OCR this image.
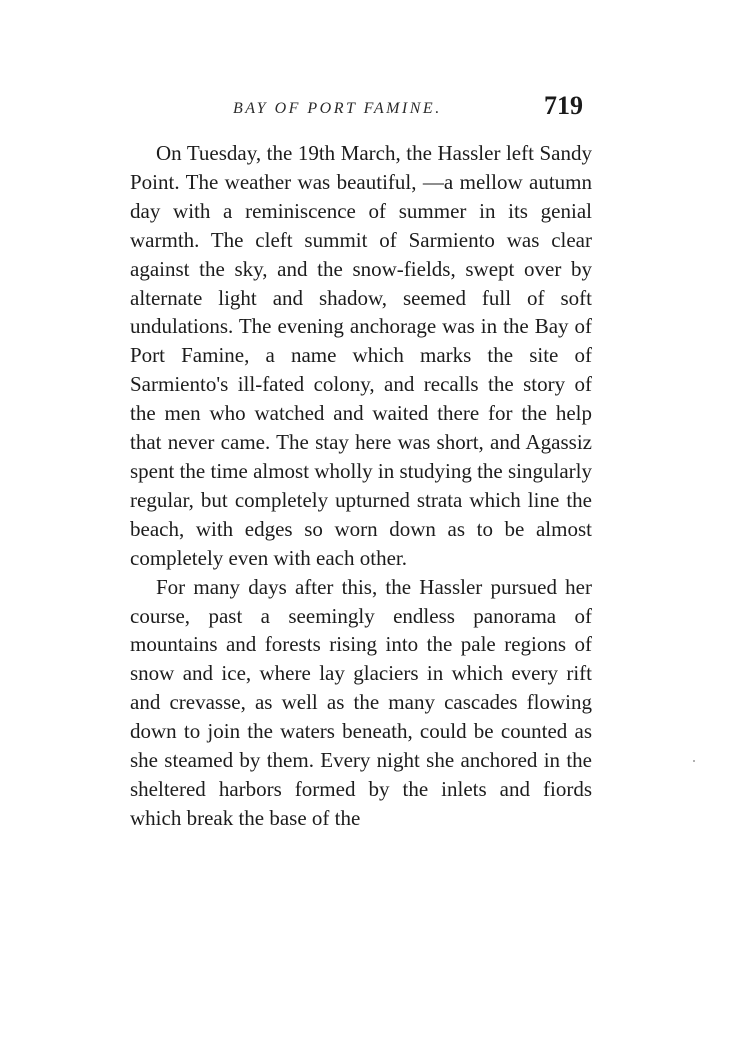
BAY OF PORT FAMINE.	719

On Tuesday, the 19th March, the Hassler left Sandy Point. The weather was beautiful, —a mellow autumn day with a reminiscence of summer in its genial warmth. The cleft summit of Sarmiento was clear against the sky, and the snow-fields, swept over by alternate light and shadow, seemed full of soft undulations. The evening anchorage was in the Bay of Port Famine, a name which marks the site of Sarmiento's ill-fated colony, and recalls the story of the men who watched and waited there for the help that never came. The stay here was short, and Agassiz spent the time almost wholly in studying the singularly regular, but completely upturned strata which line the beach, with edges so worn down as to be almost completely even with each other.

For many days after this, the Hassler pursued her course, past a seemingly endless panorama of mountains and forests rising into the pale regions of snow and ice, where lay glaciers in which every rift and crevasse, as well as the many cascades flowing down to join the waters beneath, could be counted as she steamed by them. Every night she anchored in the sheltered harbors formed by the inlets and fiords which break the base of the
